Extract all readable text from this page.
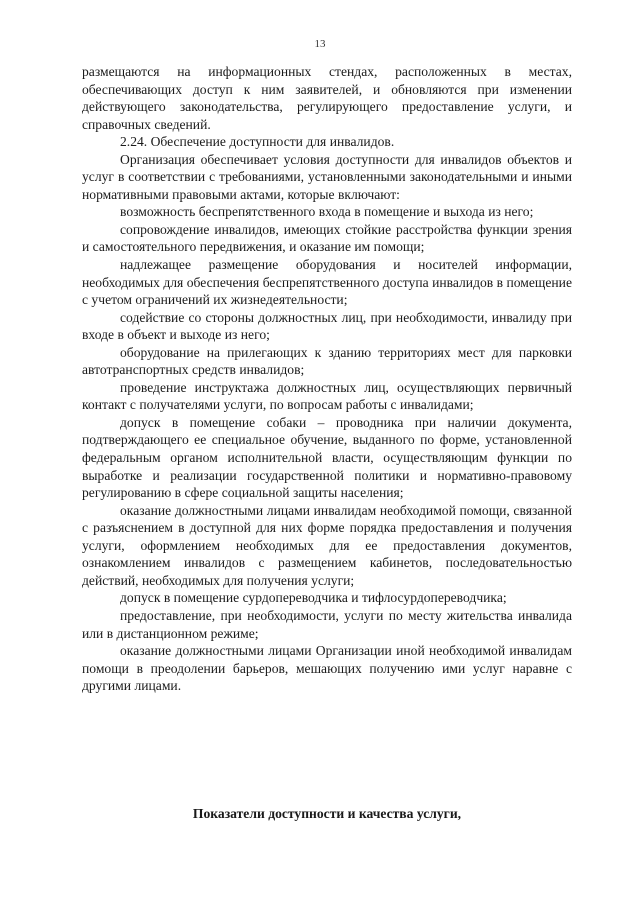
13

размещаются на информационных стендах, расположенных в местах, обеспечивающих доступ к ним заявителей, и обновляются при изменении действующего законодательства, регулирующего предоставление услуги, и справочных сведений.

2.24. Обеспечение доступности для инвалидов.

Организация обеспечивает условия доступности для инвалидов объектов и услуг в соответствии с требованиями, установленными законодательными и иными нормативными правовыми актами, которые включают:

возможность беспрепятственного входа в помещение и выхода из него;

сопровождение инвалидов, имеющих стойкие расстройства функции зрения и самостоятельного передвижения, и оказание им помощи;

надлежащее размещение оборудования и носителей информации, необходимых для обеспечения беспрепятственного доступа инвалидов в помещение с учетом ограничений их жизнедеятельности;

содействие со стороны должностных лиц, при необходимости, инвалиду при входе в объект и выходе из него;

оборудование на прилегающих к зданию территориях мест для парковки автотранспортных средств инвалидов;

проведение инструктажа должностных лиц, осуществляющих первичный контакт с получателями услуги, по вопросам работы с инвалидами;

допуск в помещение собаки – проводника при наличии документа, подтверждающего ее специальное обучение, выданного по форме, установленной федеральным органом исполнительной власти, осуществляющим функции по выработке и реализации государственной политики и нормативно-правовому регулированию в сфере социальной защиты населения;

оказание должностными лицами инвалидам необходимой помощи, связанной с разъяснением в доступной для них форме порядка предоставления и получения услуги, оформлением необходимых для ее предоставления документов, ознакомлением инвалидов с размещением кабинетов, последовательностью действий, необходимых для получения услуги;

допуск в помещение сурдопереводчика и тифлосурдопереводчика;

предоставление, при необходимости, услуги по месту жительства инвалида или в дистанционном режиме;

оказание должностными лицами Организации иной необходимой инвалидам помощи в преодолении барьеров, мешающих получению ими услуг наравне с другими лицами.

Показатели доступности и качества услуги,
